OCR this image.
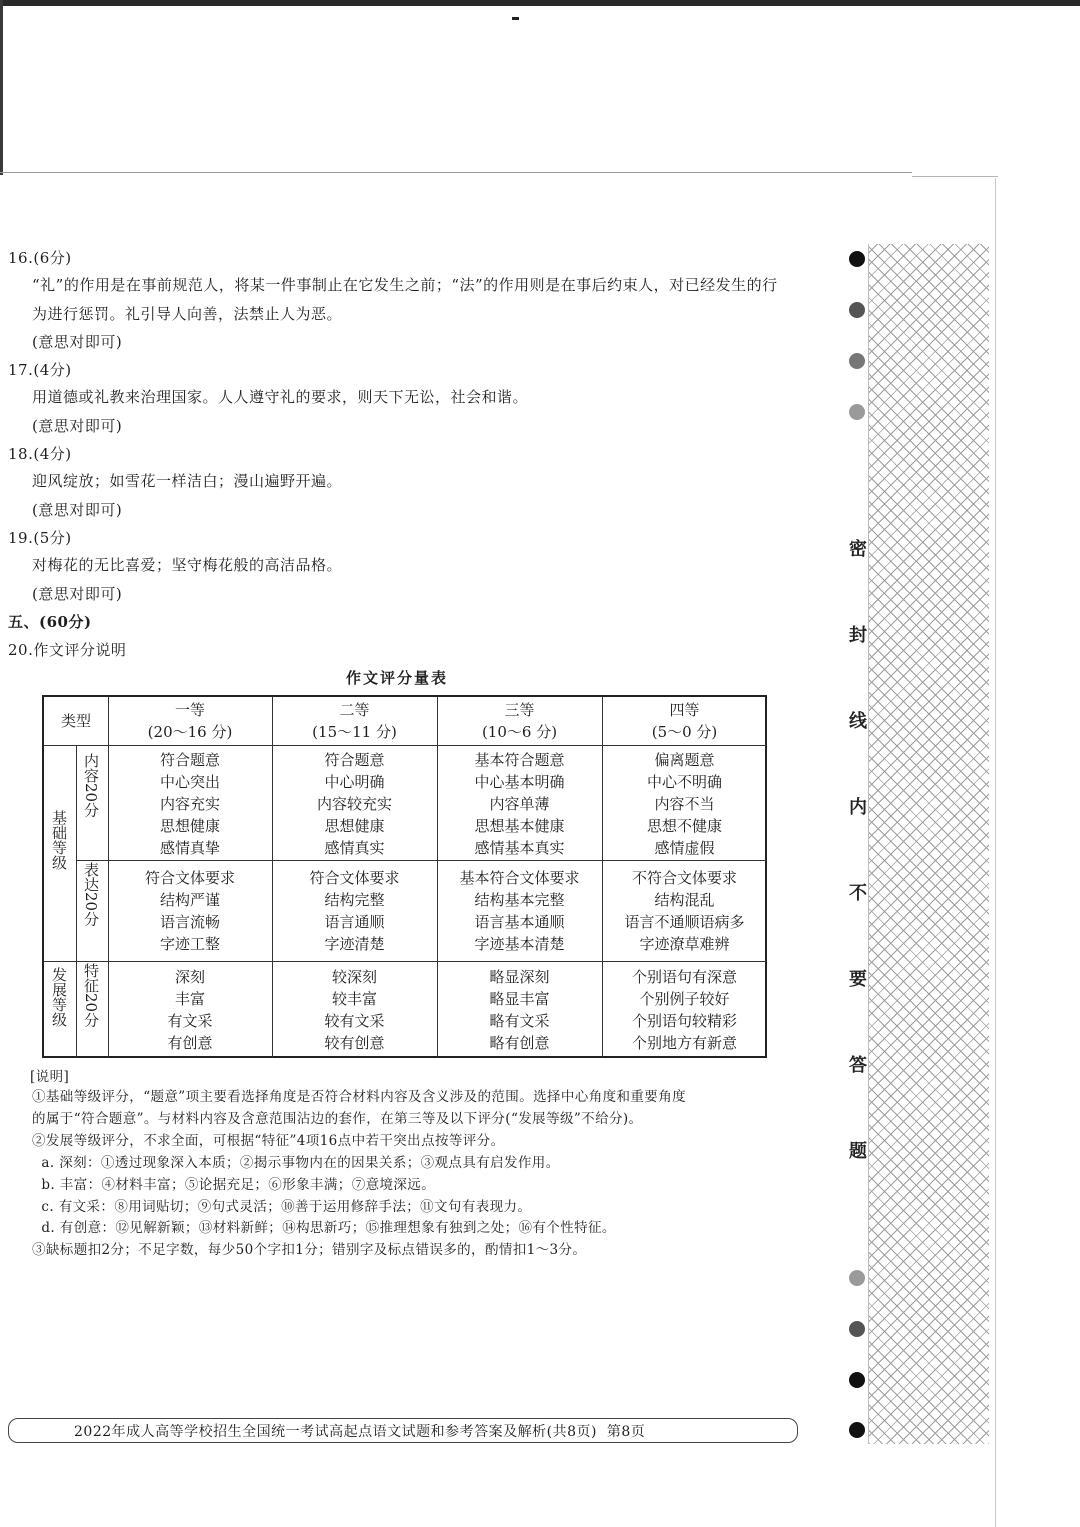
密
封
线
内
不
要
答
题
16.(6分)
“礼”的作用是在事前规范人，将某一件事制止在它发生之前；“法”的作用则是在事后约束人，对已经发生的行
为进行惩罚。礼引导人向善，法禁止人为恶。
(意思对即可)
17.(4分)
用道德或礼教来治理国家。人人遵守礼的要求，则天下无讼，社会和谐。
(意思对即可)
18.(4分)
迎风绽放；如雪花一样洁白；漫山遍野开遍。
(意思对即可)
19.(5分)
对梅花的无比喜爱；坚守梅花般的高洁品格。
(意思对即可)
五、(60分)
20.作文评分说明
作文评分量表
类型
一等
(20～16 分)
二等
(15～11 分)
三等
(10～6 分)
四等
(5～0 分)
基础等级
发展等级
内容20分
表达20分
特征20分
符合题意
中心突出
内容充实
思想健康
感情真挚
符合题意
中心明确
内容较充实
思想健康
感情真实
基本符合题意
中心基本明确
内容单薄
思想基本健康
感情基本真实
偏离题意
中心不明确
内容不当
思想不健康
感情虚假
符合文体要求
结构严谨
语言流畅
字迹工整
符合文体要求
结构完整
语言通顺
字迹清楚
基本符合文体要求
结构基本完整
语言基本通顺
字迹基本清楚
不符合文体要求
结构混乱
语言不通顺语病多
字迹潦草难辨
深刻
丰富
有文采
有创意
较深刻
较丰富
较有文采
较有创意
略显深刻
略显丰富
略有文采
略有创意
个别语句有深意
个别例子较好
个别语句较精彩
个别地方有新意
[说明]
①基础等级评分，“题意”项主要看选择角度是否符合材料内容及含义涉及的范围。选择中心角度和重要角度
的属于“符合题意”。与材料内容及含意范围沾边的套作，在第三等及以下评分(“发展等级”不给分)。
②发展等级评分，不求全面，可根据“特征”4项16点中若干突出点按等评分。
a. 深刻：①透过现象深入本质；②揭示事物内在的因果关系；③观点具有启发作用。
b. 丰富：④材料丰富；⑤论据充足；⑥形象丰满；⑦意境深远。
c. 有文采：⑧用词贴切；⑨句式灵活；⑩善于运用修辞手法；⑪文句有表现力。
d. 有创意：⑫见解新颖；⑬材料新鲜；⑭构思新巧；⑮推理想象有独到之处；⑯有个性特征。
③缺标题扣2分；不足字数，每少50个字扣1分；错别字及标点错误多的，酌情扣1～3分。
2022年成人高等学校招生全国统一考试高起点语文试题和参考答案及解析(共8页)  第8页
